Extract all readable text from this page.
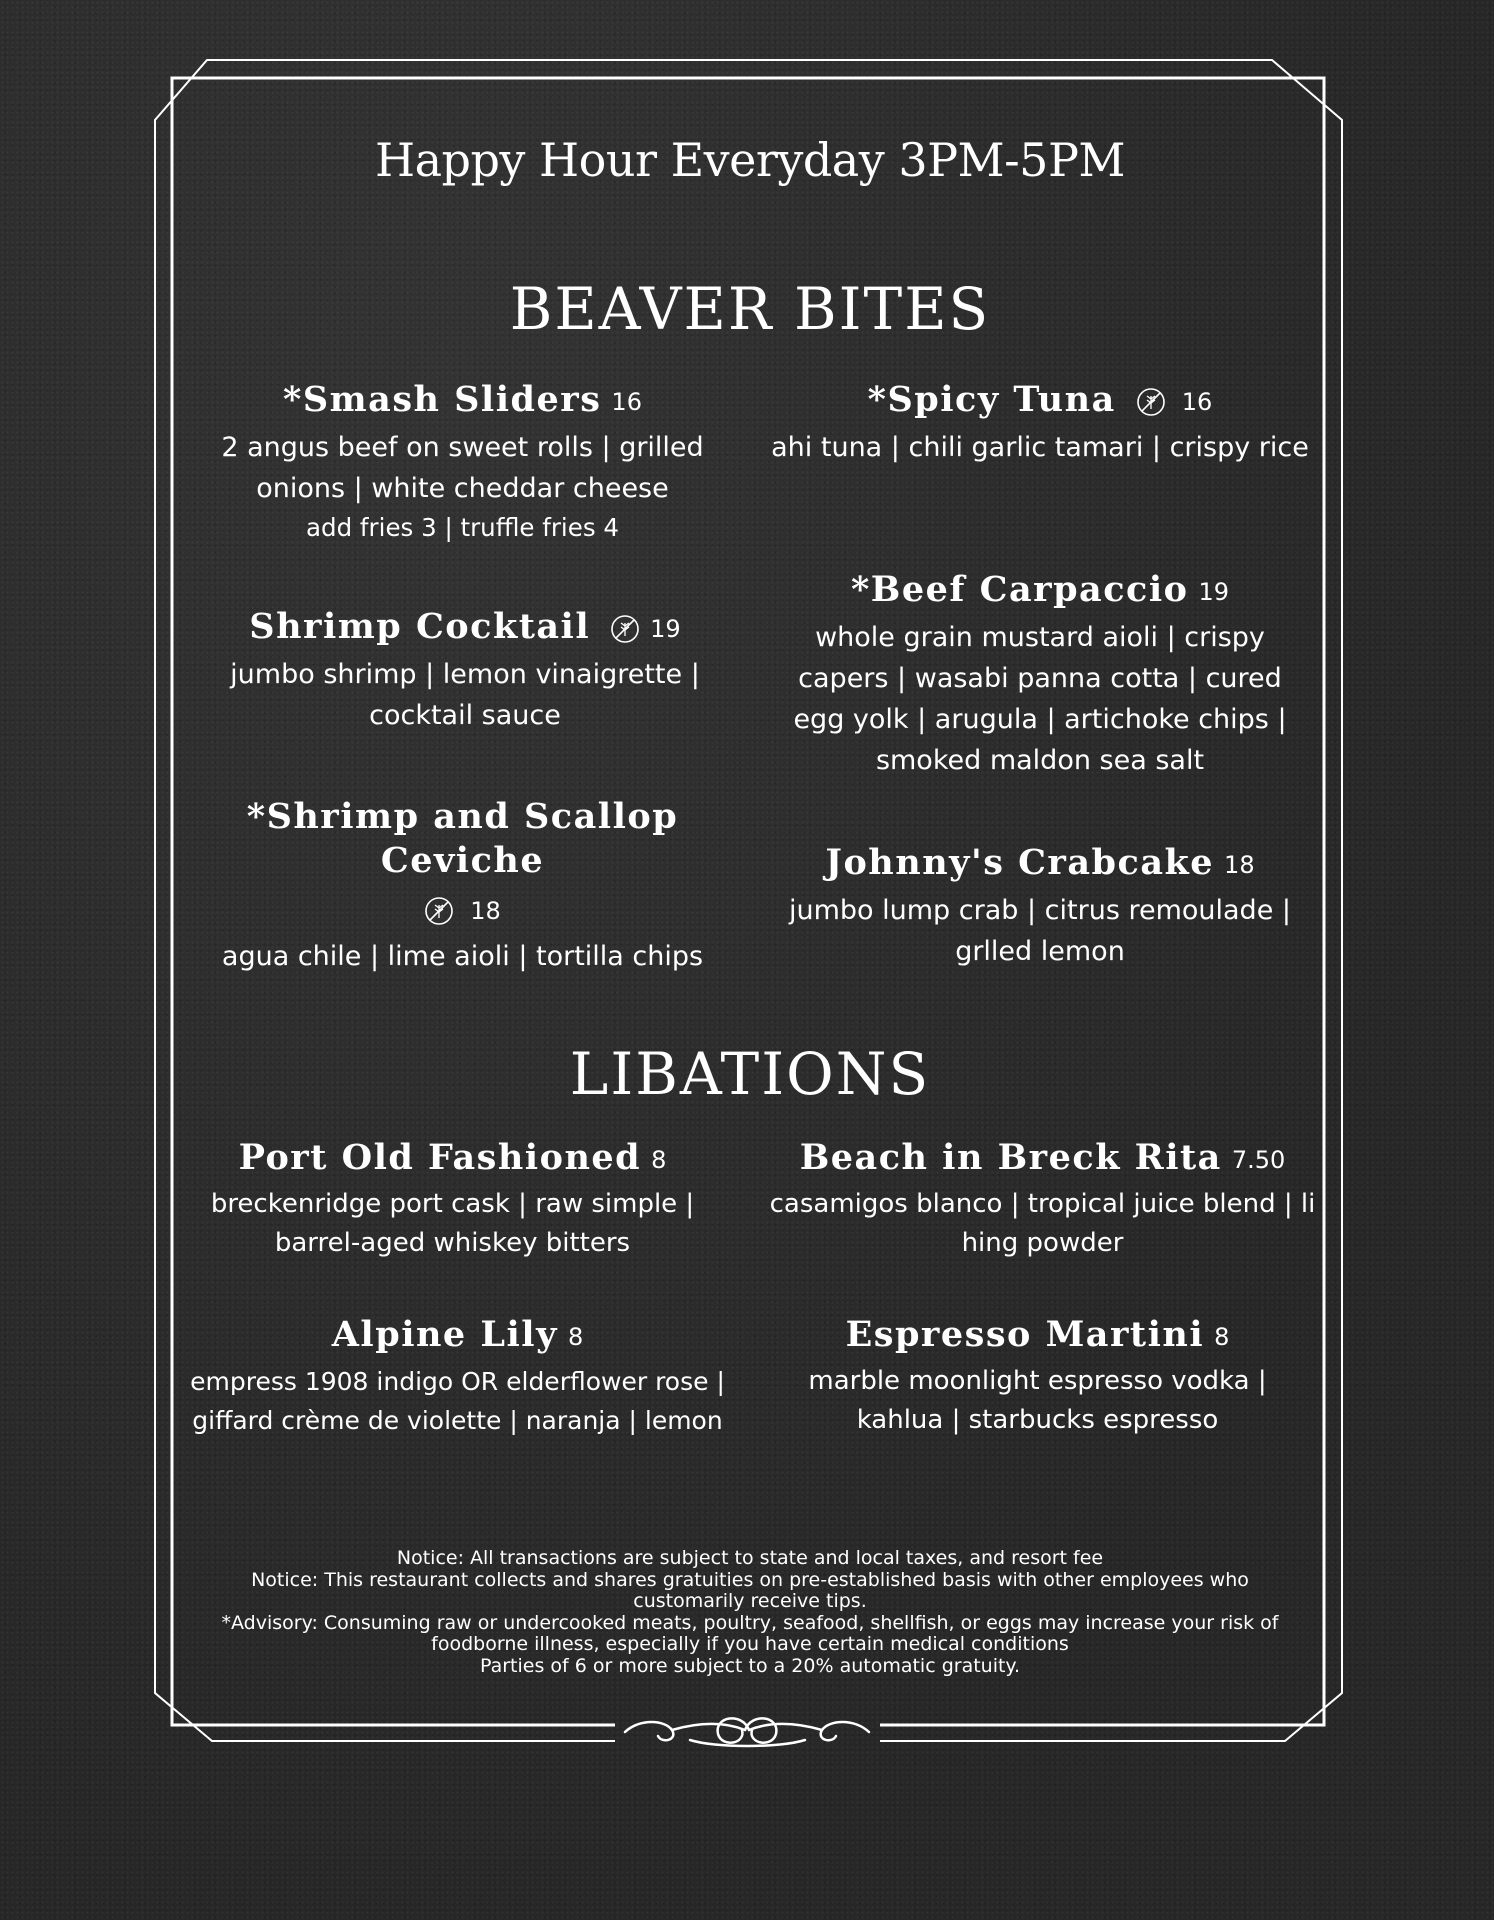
Happy Hour Everyday 3PM-5PM
BEAVER BITES
*Smash Sliders 16
2 angus beef on sweet rolls | grilled onions | white cheddar cheese
add fries 3 | truffle fries 4
Shrimp Cocktail	19
jumbo shrimp | lemon vinaigrette | cocktail sauce
*Shrimp and Scallop Ceviche
18
agua chile | lime aioli | tortilla chips
*Spicy Tuna	16
ahi tuna | chili garlic tamari | crispy rice
*Beef Carpaccio 19
whole grain mustard aioli | crispy capers | wasabi panna cotta | cured egg yolk | arugula | artichoke chips | smoked maldon sea salt
Johnny's Crabcake 18
jumbo lump crab | citrus remoulade | grlled lemon
LIBATIONS
Port Old Fashioned 8
breckenridge port cask | raw simple | barrel-aged whiskey bitters
Beach in Breck Rita 7.50
casamigos blanco | tropical juice blend | li hing powder
Alpine Lily 8
empress 1908 indigo OR elderflower rose | giffard crème de violette | naranja | lemon
Espresso Martini 8
marble moonlight espresso vodka | kahlua | starbucks espresso
Notice: All transactions are subject to state and local taxes, and resort fee
Notice: This restaurant collects and shares gratuities on pre-established basis with other employees who
customarily receive tips.
*Advisory: Consuming raw or undercooked meats, poultry, seafood, shellfish, or eggs may increase your risk of
foodborne illness, especially if you have certain medical conditions
Parties of 6 or more subject to a 20% automatic gratuity.
